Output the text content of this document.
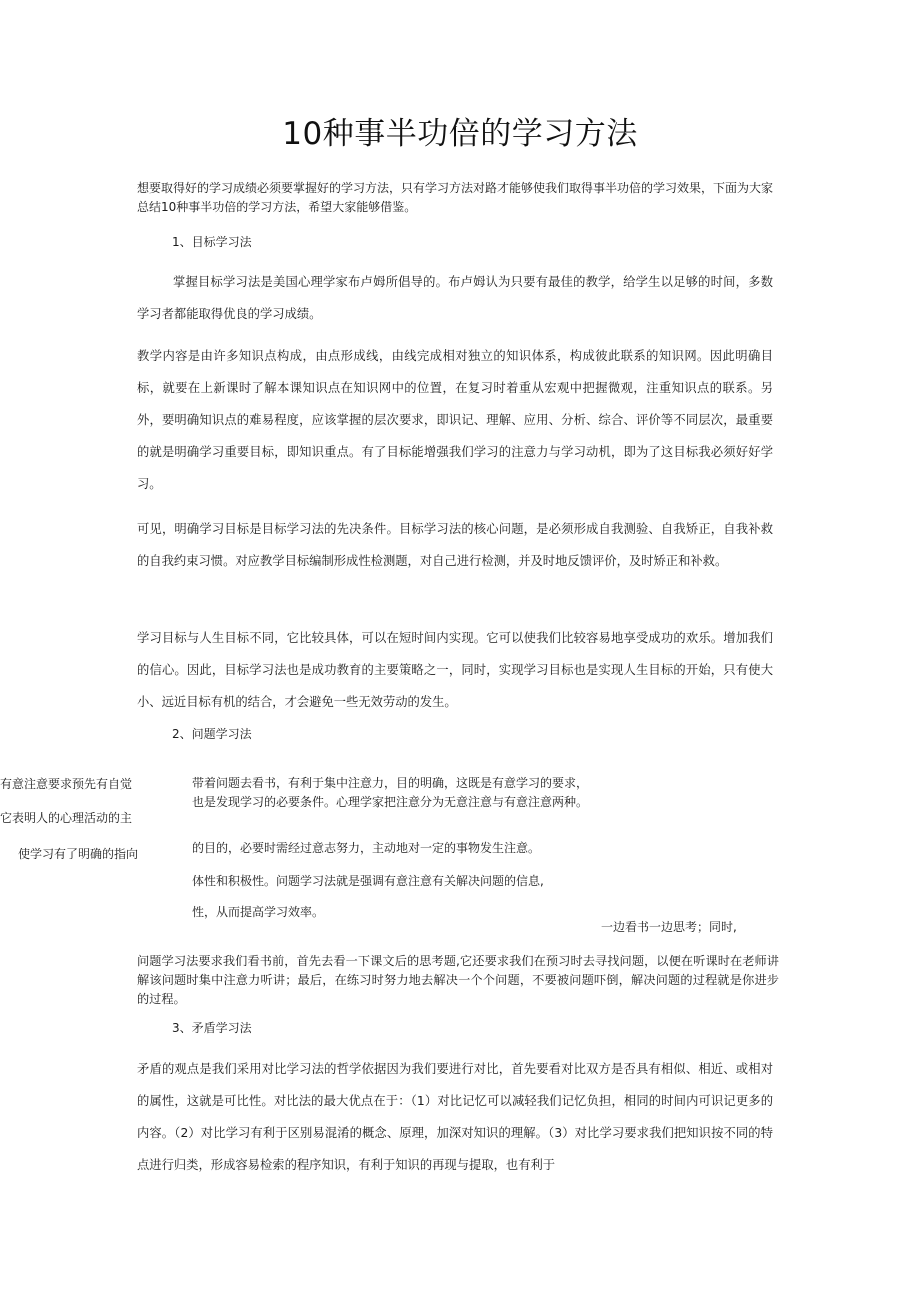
10种事半功倍的学习方法

想要取得好的学习成绩必须要掌握好的学习方法，只有学习方法对路才能够使我们取得事半功倍的学习效果，下面为大家总结10种事半功倍的学习方法，希望大家能够借鉴。

1、目标学习法

掌握目标学习法是美国心理学家布卢姆所倡导的。布卢姆认为只要有最佳的教学，给学生以足够的时间，多数学习者都能取得优良的学习成绩。

教学内容是由许多知识点构成，由点形成线，由线完成相对独立的知识体系，构成彼此联系的知识网。因此明确目标，就要在上新课时了解本课知识点在知识网中的位置，在复习时着重从宏观中把握微观，注重知识点的联系。另外，要明确知识点的难易程度，应该掌握的层次要求，即识记、理解、应用、分析、综合、评价等不同层次，最重要的就是明确学习重要目标，即知识重点。有了目标能增强我们学习的注意力与学习动机，即为了这目标我必须好好学习。

可见，明确学习目标是目标学习法的先决条件。目标学习法的核心问题，是必须形成自我测验、自我矫正，自我补救的自我约束习惯。对应教学目标编制形成性检测题，对自己进行检测，并及时地反馈评价，及时矫正和补救。

学习目标与人生目标不同，它比较具体，可以在短时间内实现。它可以使我们比较容易地享受成功的欢乐。增加我们的信心。因此，目标学习法也是成功教育的主要策略之一，同时，实现学习目标也是实现人生目标的开始，只有使大小、远近目标有机的结合，才会避免一些无效劳动的发生。

2、问题学习法
有意注意要求预先有自觉
它表明人的心理活动的主
使学习有了明确的指向

带着问题去看书，有利于集中注意力，目的明确，这既是有意学习的要求，也是发现学习的必要条件。心理学家把注意分为无意注意与有意注意两种。

的目的，必要时需经过意志努力，主动地对一定的事物发生注意。
体性和积极性。问题学习法就是强调有意注意有关解决问题的信息,
性，从而提高学习效率。
一边看书一边思考；同时,

问题学习法要求我们看书前，首先去看一下课文后的思考题,它还要求我们在预习时去寻找问题，以便在听课时在老师讲解该问题时集中注意力听讲；最后，在练习时努力地去解决一个个问题，不要被问题吓倒，解决问题的过程就是你进步的过程。

3、矛盾学习法

矛盾的观点是我们采用对比学习法的哲学依据因为我们要进行对比，首先要看对比双方是否具有相似、相近、或相对的属性，这就是可比性。对比法的最大优点在于：（1）对比记忆可以减轻我们记忆负担，相同的时间内可识记更多的内容。（2）对比学习有利于区别易混淆的概念、原理，加深对知识的理解。（3）对比学习要求我们把知识按不同的特点进行归类，形成容易检索的程序知识，有利于知识的再现与提取，也有利于
